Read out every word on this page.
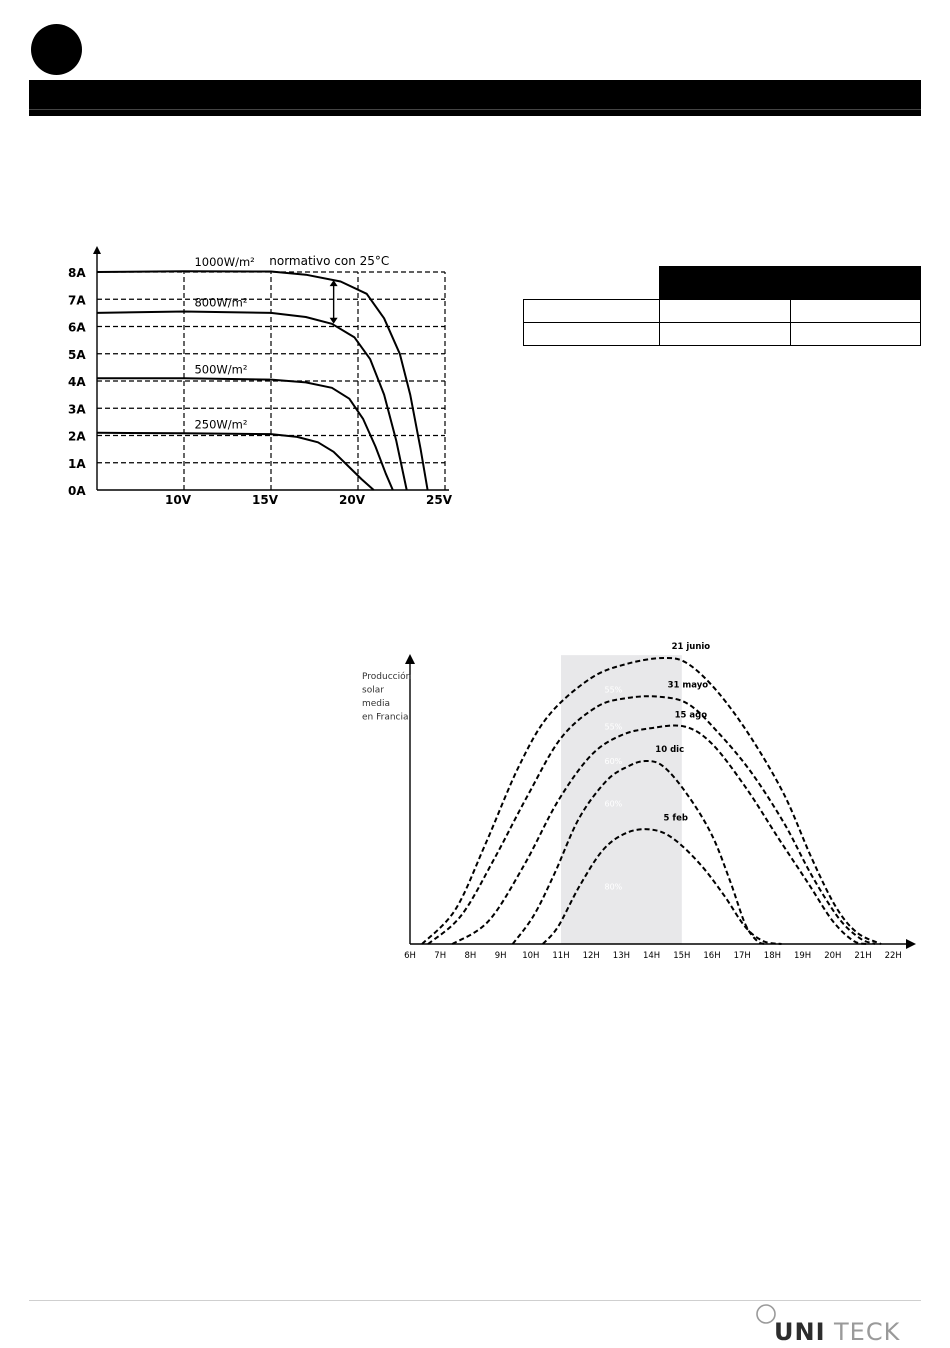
0A
1A
2A
3A
4A
5A
6A
7A
8A
10V	15V	20V	25V
1000W/m²
800W/m²
500W/m²
250W/m²
normativo con 25°C

55%
55%
60%
60%
80%
Producción
solar
media
en Francia
6H 7H 8H 9H 10H 11H 12H 13H 14H 15H 16H 17H 18H 19H 20H 21H 22H
21 junio
31 mayo
15 ago
10 dic
5 feb
UNI TECK
